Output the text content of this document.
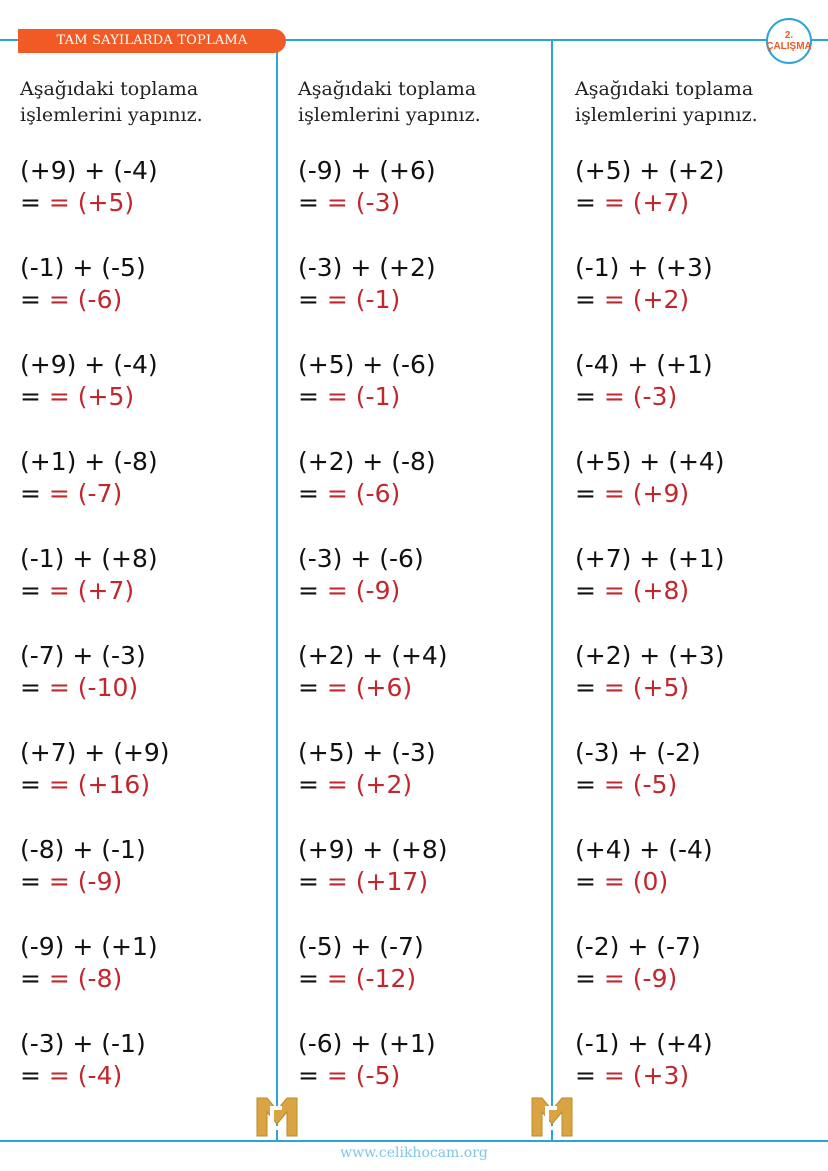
TAM SAYILARDA TOPLAMA	2.
ÇALIŞMA
Aşağıdaki toplama
işlemlerini yapınız.
(+9) + (-4)
= = (+5)
(-1) + (-5)
= = (-6)
(+9) + (-4)
= = (+5)
(+1) + (-8)
= = (-7)
(-1) + (+8)
= = (+7)
(-7) + (-3)
= = (-10)
(+7) + (+9)
= = (+16)
(-8) + (-1)
= = (-9)
(-9) + (+1)
= = (-8)
(-3) + (-1)
= = (-4)
Aşağıdaki toplama
işlemlerini yapınız.
(-9) + (+6)
= = (-3)
(-3) + (+2)
= = (-1)
(+5) + (-6)
= = (-1)
(+2) + (-8)
= = (-6)
(-3) + (-6)
= = (-9)
(+2) + (+4)
= = (+6)
(+5) + (-3)
= = (+2)
(+9) + (+8)
= = (+17)
(-5) + (-7)
= = (-12)
(-6) + (+1)
= = (-5)
Aşağıdaki toplama
işlemlerini yapınız.
(+5) + (+2)
= = (+7)
(-1) + (+3)
= = (+2)
(-4) + (+1)
= = (-3)
(+5) + (+4)
= = (+9)
(+7) + (+1)
= = (+8)
(+2) + (+3)
= = (+5)
(-3) + (-2)
= = (-5)
(+4) + (-4)
= = (0)
(-2) + (-7)
= = (-9)
(-1) + (+4)
= = (+3)
www.celikhocam.org
